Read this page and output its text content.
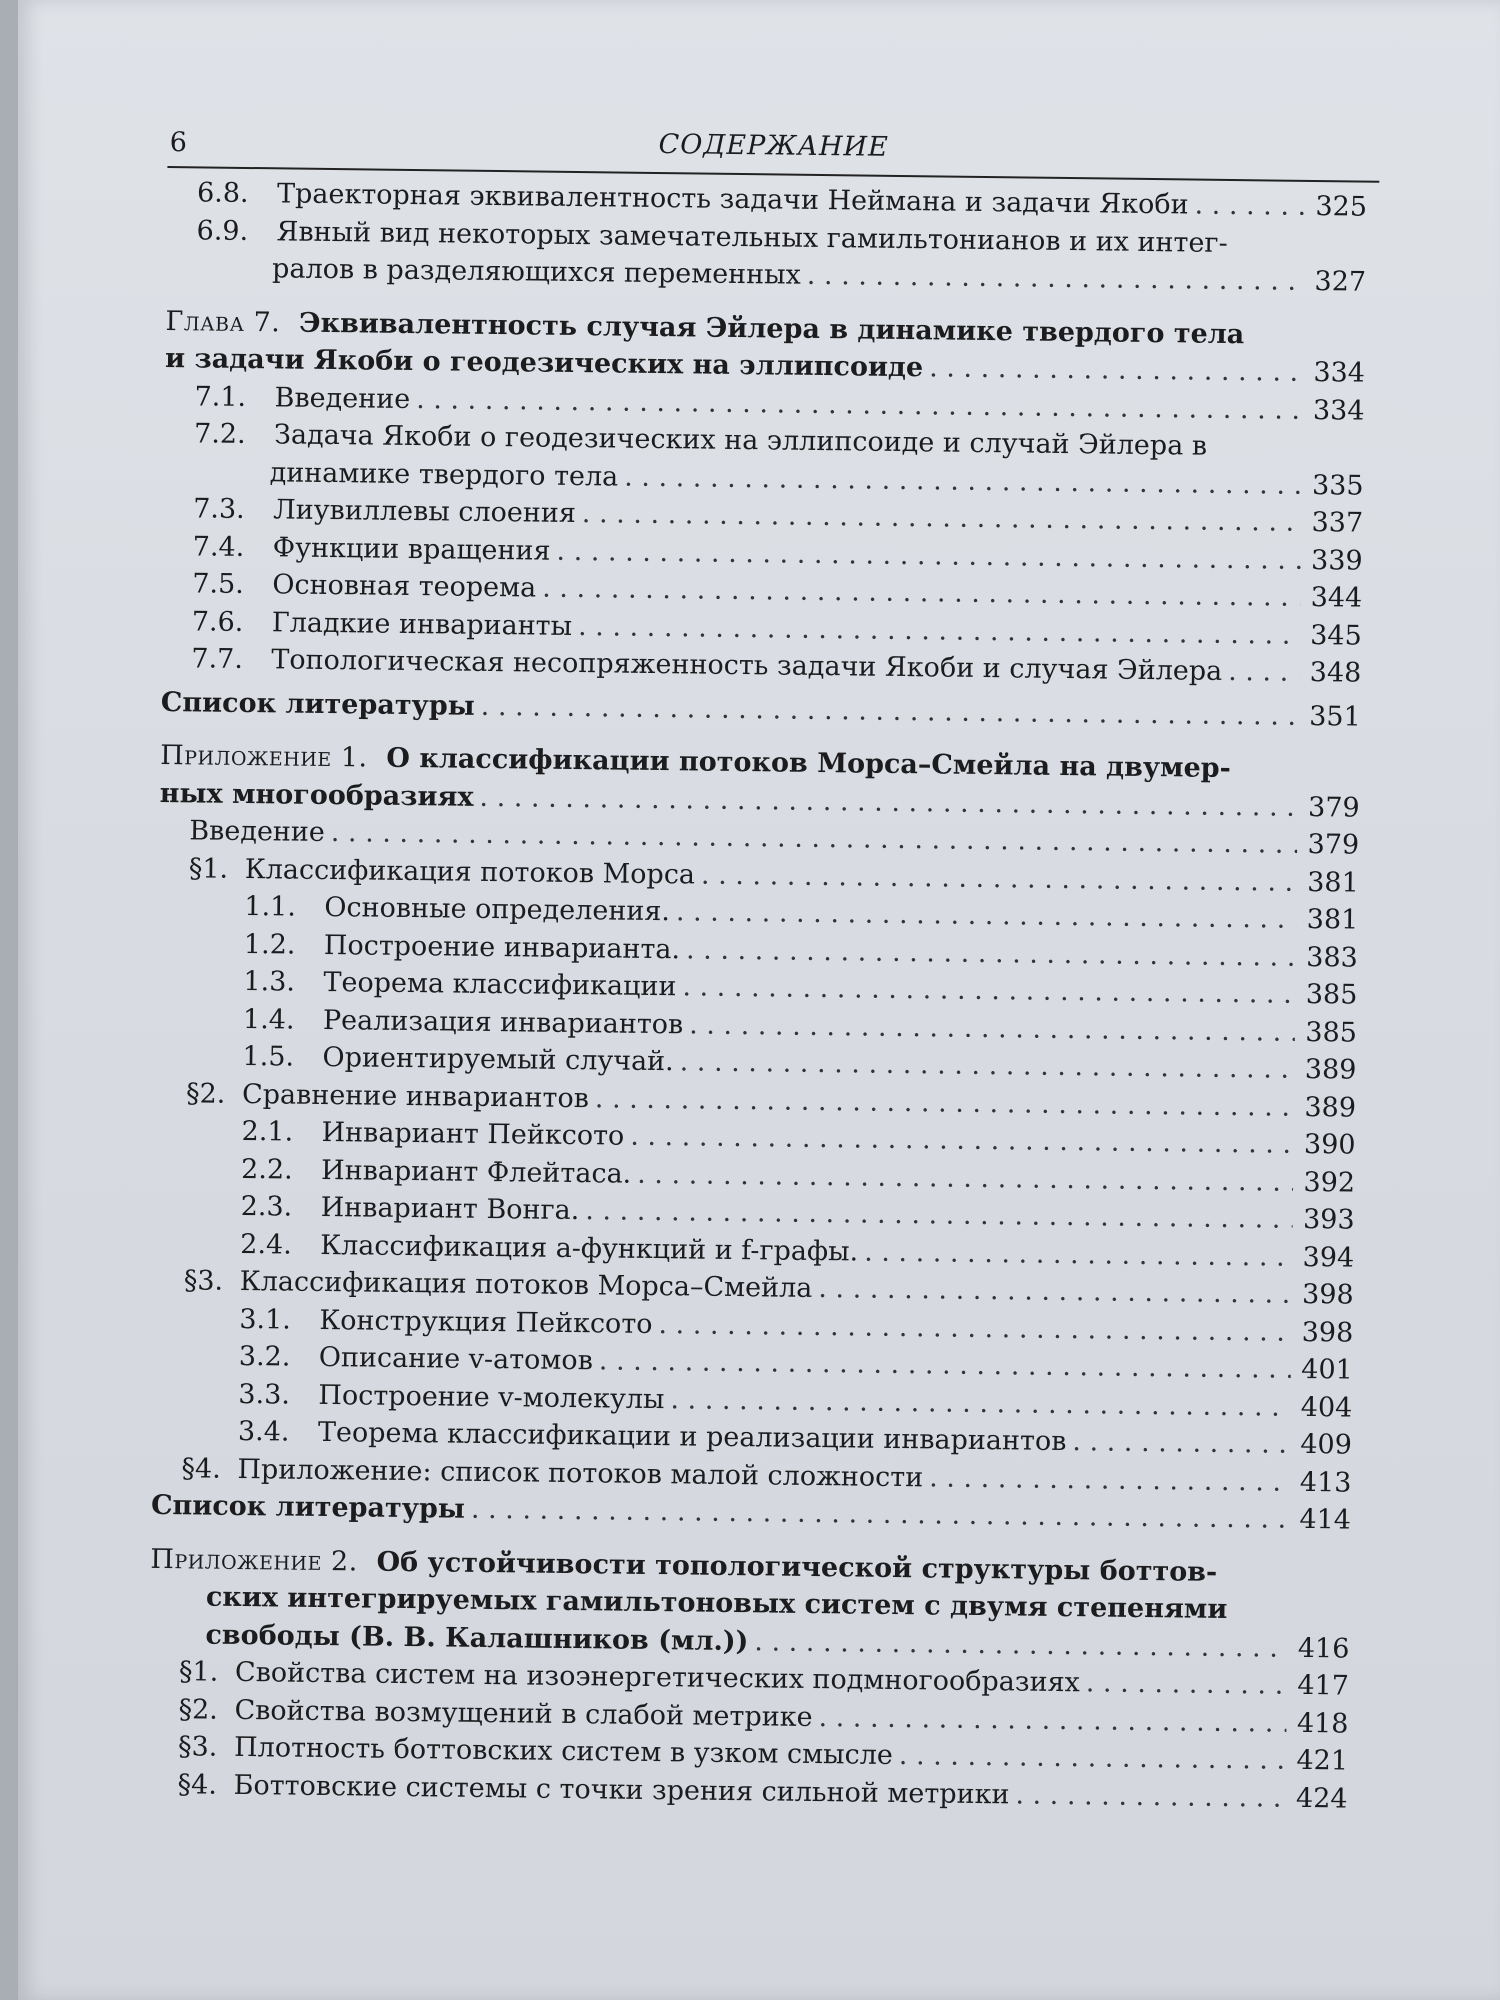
6	СОДЕРЖАНИЕ
6.8.	Траекторная эквивалентность задачи Неймана и задачи Якоби . . .	325
6.9.	Явный вид некоторых замечательных гамильтонианов и их интег-
ралов в разделяющихся переменных . . .	327
Глава 7.
Эквивалентность случая Эйлера в динамике твердого тела
и задачи Якоби о геодезических на эллипсоиде . . .	334
7.1.	Введение . . .	334
7.2.	Задача Якоби о геодезических на эллипсоиде и случай Эйлера в
динамике твердого тела . . .	335
7.3.	Лиувиллевы слоения . . .	337
7.4.	Функции вращения . . .	339
7.5.	Основная теорема . . .	344
7.6.	Гладкие инварианты . . .	345
7.7.	Топологическая несопряженность задачи Якоби и случая Эйлера . . .	348
Список литературы . . .	351
Приложение 1.
О классификации потоков Морса–Смейла на двумер-
ных многообразиях . . .	379
Введение . . .	379
§1. Классификация потоков Морса . . .	381
1.1.	Основные определения. . . .	381
1.2.	Построение инварианта. . . .	383
1.3.	Теорема классификации . . .	385
1.4.	Реализация инвариантов . . .	385
1.5.	Ориентируемый случай. . . .	389
§2. Сравнение инвариантов . . .	389
2.1.	Инвариант Пейксото . . .	390
2.2.	Инвариант Флейтаса. . . .	392
2.3.	Инвариант Вонга. . . .	393
2.4.	Классификация a-функций и f-графы. . . .	394
§3. Классификация потоков Морса–Смейла . . .	398
3.1.	Конструкция Пейксото . . .	398
3.2.	Описание v-атомов . . .	401
3.3.	Построение v-молекулы . . .	404
3.4.	Теорема классификации и реализации инвариантов . . .	409
§4. Приложение: список потоков малой сложности . . .	413
Список литературы . . .	414
Приложение 2.
Об устойчивости топологической структуры боттов-
ских интегрируемых гамильтоновых систем с двумя степенями
свободы (В. В. Калашников (мл.)) . . .	416
§1. Свойства систем на изоэнергетических подмногообразиях . . .	417
§2. Свойства возмущений в слабой метрике . . .	418
§3. Плотность боттовских систем в узком смысле . . .	421
§4. Боттовские системы с точки зрения сильной метрики . . .	424
